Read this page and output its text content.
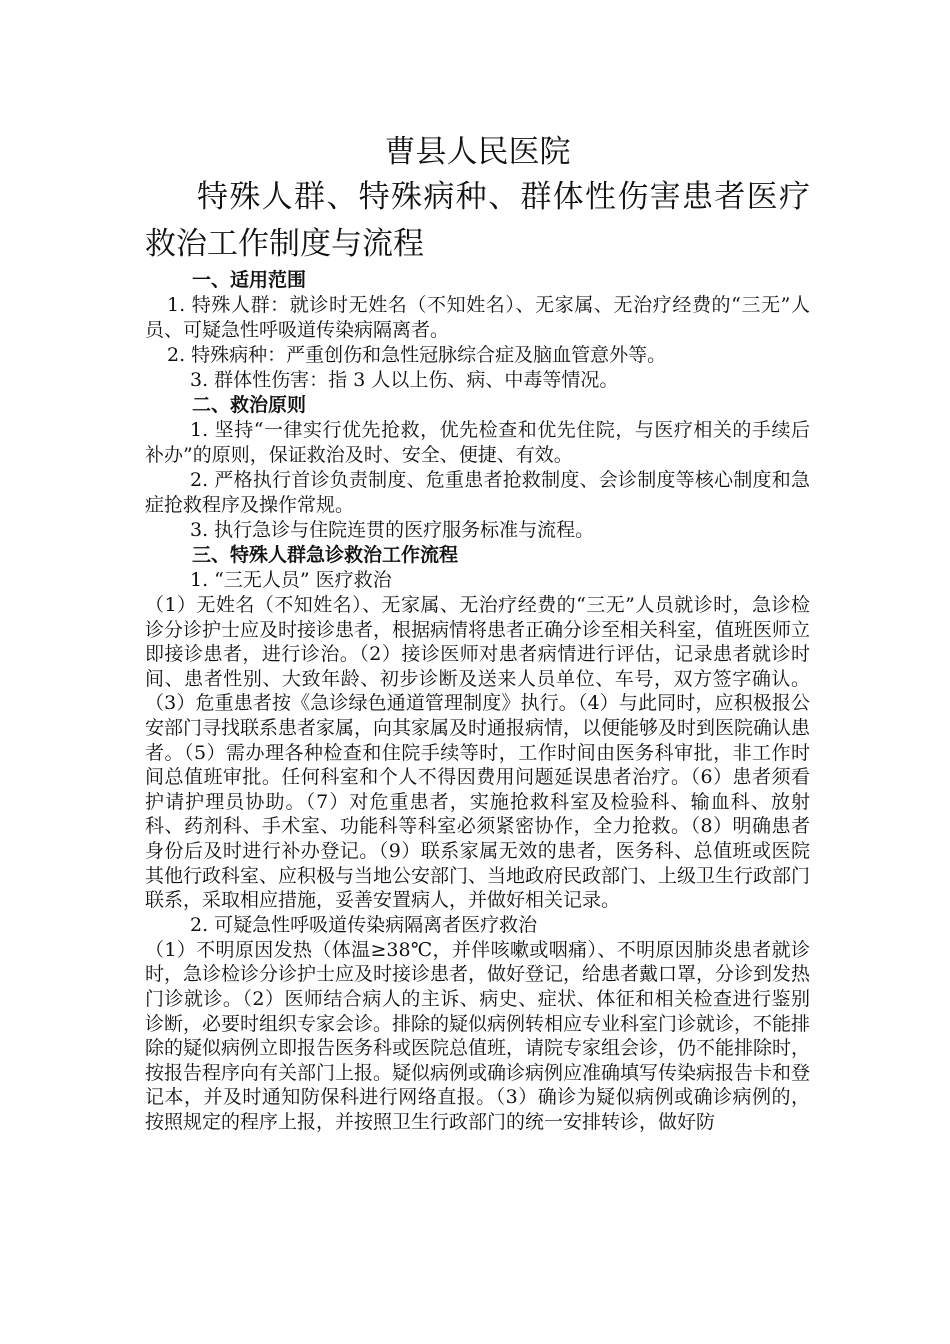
曹县人民医院
特殊人群、特殊病种、群体性伤害患者医疗救治工作制度与流程
一、适用范围
1. 特殊人群：就诊时无姓名（不知姓名）、无家属、无治疗经费的“三无”人员、可疑急性呼吸道传染病隔离者。
2. 特殊病种：严重创伤和急性冠脉综合症及脑血管意外等。
3. 群体性伤害：指 3 人以上伤、病、中毒等情况。
二、救治原则
1. 坚持“一律实行优先抢救，优先检查和优先住院，与医疗相关的手续后补办”的原则，保证救治及时、安全、便捷、有效。
2. 严格执行首诊负责制度、危重患者抢救制度、会诊制度等核心制度和急症抢救程序及操作常规。
3. 执行急诊与住院连贯的医疗服务标准与流程。
三、特殊人群急诊救治工作流程
1. “三无人员” 医疗救治
（1）无姓名（不知姓名）、无家属、无治疗经费的“三无”人员就诊时，急诊检诊分诊护士应及时接诊患者，根据病情将患者正确分诊至相关科室，值班医师立即接诊患者，进行诊治。（2）接诊医师对患者病情进行评估，记录患者就诊时间、患者性别、大致年龄、初步诊断及送来人员单位、车号，双方签字确认。（3）危重患者按《急诊绿色通道管理制度》执行。（4）与此同时，应积极报公安部门寻找联系患者家属，向其家属及时通报病情，以便能够及时到医院确认患者。（5）需办理各种检查和住院手续等时，工作时间由医务科审批，非工作时间总值班审批。任何科室和个人不得因费用问题延误患者治疗。（6）患者须看护请护理员协助。（7）对危重患者，实施抢救科室及检验科、输血科、放射科、药剂科、手术室、功能科等科室必须紧密协作，全力抢救。（8）明确患者身份后及时进行补办登记。（9）联系家属无效的患者，医务科、总值班或医院其他行政科室、应积极与当地公安部门、当地政府民政部门、上级卫生行政部门联系，采取相应措施，妥善安置病人，并做好相关记录。
2. 可疑急性呼吸道传染病隔离者医疗救治
（1）不明原因发热（体温≥38℃，并伴咳嗽或咽痛）、不明原因肺炎患者就诊时，急诊检诊分诊护士应及时接诊患者，做好登记，给患者戴口罩，分诊到发热门诊就诊。（2）医师结合病人的主诉、病史、症状、体征和相关检查进行鉴别诊断，必要时组织专家会诊。排除的疑似病例转相应专业科室门诊就诊，不能排除的疑似病例立即报告医务科或医院总值班，请院专家组会诊，仍不能排除时，按报告程序向有关部门上报。疑似病例或确诊病例应准确填写传染病报告卡和登记本，并及时通知防保科进行网络直报。（3）确诊为疑似病例或确诊病例的，按照规定的程序上报，并按照卫生行政部门的统一安排转诊，做好防
